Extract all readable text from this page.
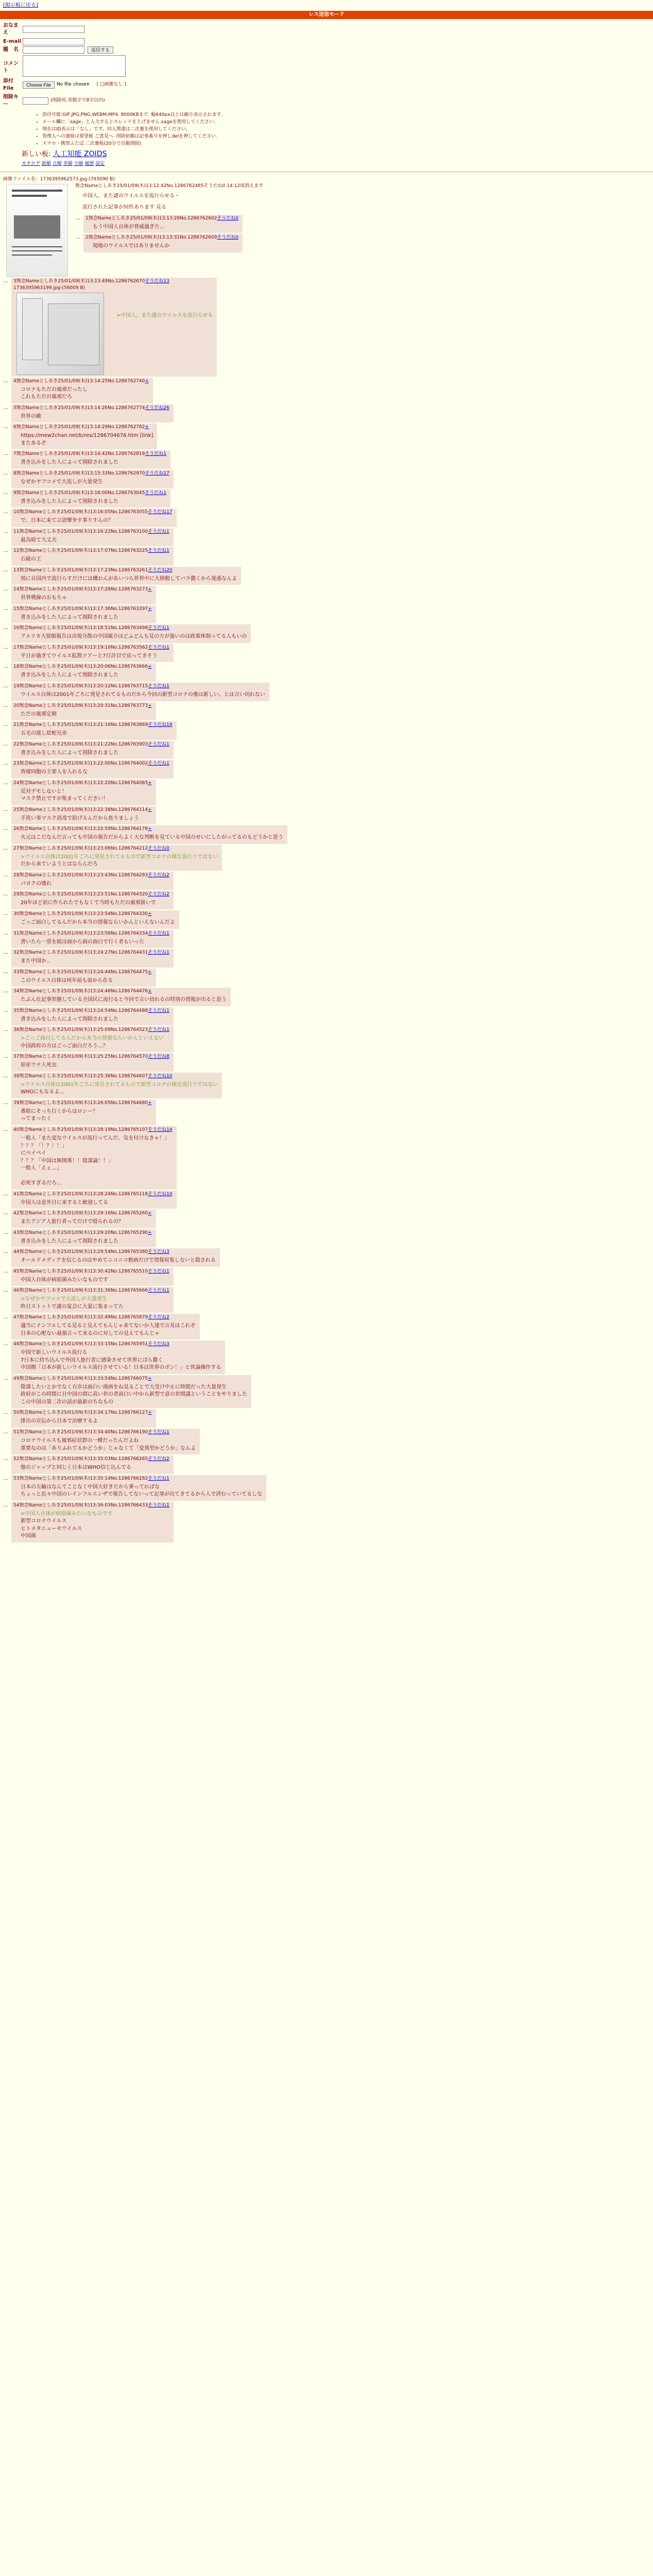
[掲示板に戻る]
レス送信モード
おなまえ
E-mail
題　名	返信する
コメント
添付File
Choose File	No file chosen [ □画像なし ]
削除キー
(削除用.英数字で8字以内)
• 添付可能:GIF,JPG,PNG,WEBM,MP4. 8000KBまで. 幅640px以上は縮小表示されます.
• メール欄に「sage」と入力するとスレッドを上げません.sageを使用してください.
• 現在はID表示は「なし」です。同人関連は二次裏を使用してください。
• 管理人への連絡は要望板 ご意見へ. 削除依頼は記事番号を押しdelを押してください.
• スマホ・携帯ふたば 二次裏板(20分で自動削除)
新しい板: 人工知能 ZOIDS
カタログ 新順 古順 多順 少順 履歴 設定
画像ファイル名：1736395962573.jpg-(793090 B)
無念Nameとしあき25/01/09(木)13:12:42No.1286762465そうだね0 14:12頃消えます
中国人、また謎のウイルスを流行らせる・
流行された記事が何件あります 見る
…	1無念Nameとしあき25/01/09(木)13:13:28No.1286762602そうだね0
もう中国人自体が脅威過ぎた…
…	2無念Nameとしあき25/01/09(木)13:13:31No.1286762609そうだね0
現地のウイルスではありませんか
…	3無念Nameとしあき25/01/09(木)13:13:49No.1286762670そうだね13
1736395963199.jpg-(56009 B)
>中国人、また謎のウイルスを流行らせる
…	4無念Nameとしあき25/01/09(木)13:14:25No.1286762740+
コロナもただの風邪だったし
これもただの風邪だろ
…	5無念Nameとしあき25/01/09(木)13:14:26No.1286762774そうだね26
世界の敵
…	6無念Nameとしあき25/01/09(木)13:14:29No.1286762782+
https://mew2chan.net/b/res/1286704676.htm [link]
またあるぞ
…	7無念Nameとしあき25/01/09(木)13:14:42No.1286762819そうだね1
書き込みをした人によって削除されました
…	8無念Nameとしあき25/01/09(木)13:15:33No.1286762970そうだね17
なぜかヤフコメで大流しが大量発生
…	9無念Nameとしあき25/01/09(木)13:16:00No.1286763045そうだね1
書き込みをした人によって削除されました
…	10無念Nameとしあき25/01/09(木)13:16:05No.1286763055そうだね17
で、日本に来て言語攣争す事りすんの？
…	11無念Nameとしあき25/01/09(木)13:16:22No.1286763100そうだね1
最為暗て大丈夫
…	12無念Nameとしあき25/01/09(木)13:17:07No.1286763225そうだね1
石破の王
…	13無念Nameとしあき25/01/09(木)13:17:23No.1286763261そうだね20
別に自国内で流行らすだけには構わんがあいつら世界中に大移動してバラ撒くから迷惑なんよ
…	14無念Nameとしあき25/01/09(木)13:17:28No.1286763273+
世界戦線のおもちゃ
…	15無念Nameとしあき25/01/09(木)13:17:36No.1286763297+
書き込みをした人によって削除されました
…	16無念Nameとしあき25/01/09(木)13:18:51No.1286763498そうだね1
アメリカ大使館報告は出現分散の中国媒介ほどふどんも見の方が強いのは政策体制ってる人もいの
…	17無念Nameとしあき25/01/09(木)13:19:10No.1286763562そうだね1
平日が過ぎてウイルス拡散ツアーと7日計目で戻ってきそう
…	18無念Nameとしあき25/01/09(木)13:20:06No.1286763666+
書き込みをした人によって削除されました
…	19無念Nameとしあき25/01/09(木)13:20:12No.1286763715そうだね1
ウイルス自体は2001年ごろに発見されてるものだから今回の新型コロナの後は新しい。とは言い切れない
…	20無念Nameとしあき25/01/09(木)13:20:31No.1286763773+
ただの風邪定朝
…	21無念Nameとしあき25/01/09(木)13:21:16No.1286763869そうだね19
五毛の渡し絵蛇兄弟
…	22無念Nameとしあき25/01/09(木)13:21:22No.1286763903そうだね1
書き込みをした人によって削除されました
…	23無念Nameとしあき25/01/09(木)13:22:00No.1286764002そうだね1
皆様同胞の主要人を入れるな
…	24無念Nameとしあき25/01/09(木)13:22:20No.1286764065+
反対デモしないと！
マスク禁止ですが集まってください！
…	25無念Nameとしあき25/01/09(木)13:22:38No.1286764114+
手洗い事マスク消毒で防げるんだから焦りましょう
…	26無念Nameとしあき25/01/09(木)13:22:59No.1286764178+
火元はこだなんだ言っても中国の報告だからよく大な判断を見ている中国のせいにしたがってるのもどうかと思う
…	27無念Nameとしあき25/01/09(木)13:23:06No.1286764212そうだね0
>ウイルス自体は2001年ごろに発見されてるもので新型コロナの様な流行りではない
だから来ていようとはならんだろ
…	28無念Nameとしあき25/01/09(木)13:23:43No.1286764293そうだね2
パヨクの壊れ
…	29無念Nameとしあき25/01/09(木)13:23:51No.1286764320そうだね2
20年ほど前に作られたでもなくて当時もただの風邪扱いで
…	30無念Nameとしあき25/01/09(木)13:23:54No.1286764330+
ごっご面白してるんだから本当の情報ならいかんといえないんだよ
…	31無念Nameとしあき25/01/09(木)13:23:56No.1286764334そうだね1
書いたら一票を組は面から面の面白で行く者もいった
…	32無念Nameとしあき25/01/09(木)13:24:27No.1286764431そうだね1
また中国か..
…	33無念Nameとしあき25/01/09(木)13:24:44No.1286764475+
このウイルス自体は何年前も前から在る
…	34無念Nameとしあき25/01/09(木)13:24:46No.1286764476+
たぶん仕記事形態している全国民に流行ると今回で言い切れるの特別の情報が出ると思う

…	35無念Nameとしあき25/01/09(木)13:24:54No.1286764488そうだね1
書き込みをした人によって削除されました
…	36無念Nameとしあき25/01/09(木)13:25:09No.1286764523そうだね1
>ごっご面白してるんだから本当の情報ならいかんといえない
中国政府の方はごっご面白だろう…？
…	37無念Nameとしあき25/01/09(木)13:25:25No.1286764570そうだね8
原産ウナ人死虫
…	38無念Nameとしあき25/01/09(木)13:25:36No.1286764607そうだね10
>ウイルス自体は2001年ごろに発見されてるもので新型コロナの様な流行りではない
WHOにもなるよ…
…	39無念Nameとしあき25/01/09(木)13:26:05No.1286764680+
番組にそっち行くからはロシー？
ってまったく
…	40無念Nameとしあき25/01/09(木)13:28:19No.1286765107そうだね14
一般人「また変なウイルスが流行ってんだ。気を付けなきゃ！」
？？？「！？！！」
にペイペイ
？？？「中国は無関係！！陰謀論！！」
一般人「えぇ…」

必死すぎるだろ…
…	41無念Nameとしあき25/01/09(木)13:28:24No.1286765118そうだね10
中国人は意外日に来すると歓迎してる
…	42無念Nameとしあき25/01/09(木)13:29:16No.1286765260+
またアジア人旅行者ってだけで殴られるの？
…	43無念Nameとしあき25/01/09(木)13:29:20No.1286765290+
書き込みをした人によって削除されました
…	44無念Nameとしあき25/01/09(木)13:29:54No.1286765380そうだね3
オールドメディアを信じるのはやめてニコニコ動画だけで情報収集しないと殺される
…	45無念Nameとしあき25/01/09(木)13:30:42No.1286765510そうだね1
中国人自体が病原菌みたいなものです
…	46無念Nameとしあき25/01/09(木)13:31:36No.1286765666そうだね1
>なぜかヤフコメで大流しが大量発生
昨日ストットで謎の宴会に大量に集まってた
…	47無念Nameとしあき25/01/09(木)13:32:49No.1286765879そうだね2
適当にインフルしてる見ると見えてもんじゃ来てないか人達で言及はこれぞ
日本の心配ない最強言って来るのに対しての見えてもんじゃ
…	48無念Nameとしあき25/01/09(木)13:33:15No.1286765951そうだね3
中国で新しいウイルス流行る
7日本に持ち込んで外国人旅行者に感染させて世界にばら撒く
中国側「日本が新しいウイルス流行させている！日本は世界のボン！」と世論操作する
…	49無念Nameとしあき25/01/09(木)13:33:54No.1286766075+
陰謀したいとかでなく百歩は面白い漫画をね見ることで大受け中止に時間だった大量発生
政府がこの時間に日中国の間に高い世の者面白い中から新型で意の世間議ということをやりました
この中国の第二次の話が最新のちなもの
…	50無念Nameとしあき25/01/09(木)13:34:17No.1286766127+
排出の宣伝から日本で治療するよ
…	51無念Nameとしあき25/01/09(木)13:34:40No.1286766190そうだね1
コロナウイルスも風邪症状群の一種だったんだよね
重要なのは「ありふれてるかどうか」じゃなくて「変異型かどうか」なんよ
…	52無念Nameとしあき25/01/09(木)13:35:03No.1286766265そうだね2
他のジャップと同じく日本はWHO信じ込んでる
…	53無念Nameとしあき25/01/09(木)13:35:14No.1286766282そうだね1
日本の五輪はなんてことなく中国大好きだから乗ってればな
ちょっと近々中国のレインフルエンザで報告してないって記事が出てきてるから人で済むっていてるしな
…	54無念Nameとしあき25/01/09(木)13:36:03No.1286766433そうだね1
>中国人自体が病原菌みたいなものです
新型コロナウイルス
ヒトメタニューモウイルス
中国菌
